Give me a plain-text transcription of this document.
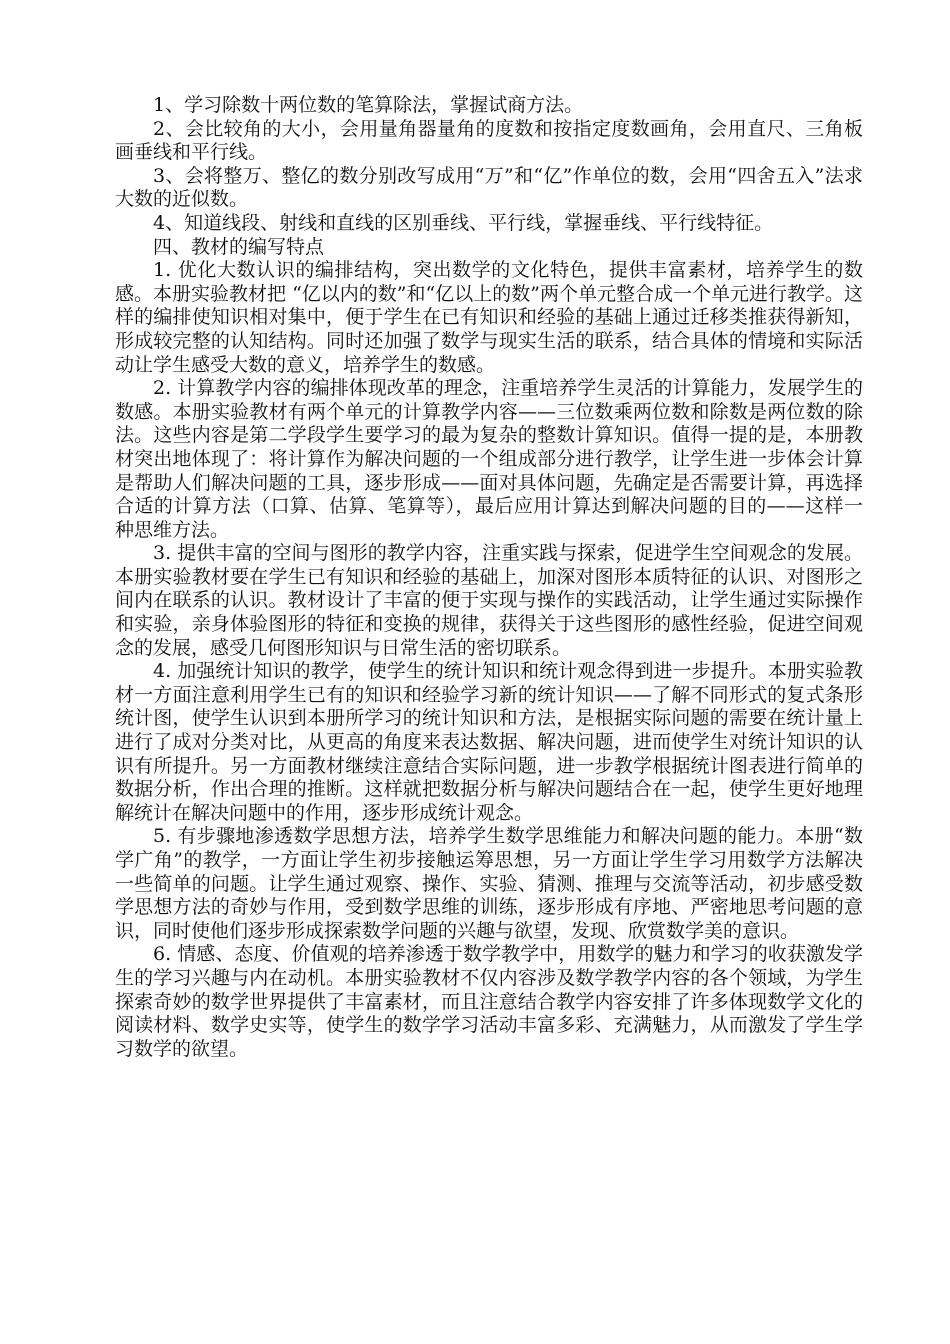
1、学习除数十两位数的笔算除法，掌握试商方法。

2、会比较角的大小，会用量角器量角的度数和按指定度数画角，会用直尺、三角板画垂线和平行线。

3、会将整万、整亿的数分别改写成用“万”和“亿”作单位的数，会用“四舍五入”法求大数的近似数。

4、知道线段、射线和直线的区别垂线、平行线，掌握垂线、平行线特征。

四、教材的编写特点

1. 优化大数认识的编排结构，突出数学的文化特色，提供丰富素材，培养学生的数感。本册实验教材把 “亿以内的数”和“亿以上的数”两个单元整合成一个单元进行教学。这样的编排使知识相对集中，便于学生在已有知识和经验的基础上通过迁移类推获得新知，形成较完整的认知结构。同时还加强了数学与现实生活的联系，结合具体的情境和实际活动让学生感受大数的意义，培养学生的数感。

2. 计算教学内容的编排体现改革的理念，注重培养学生灵活的计算能力，发展学生的数感。本册实验教材有两个单元的计算教学内容——三位数乘两位数和除数是两位数的除法。这些内容是第二学段学生要学习的最为复杂的整数计算知识。值得一提的是，本册教材突出地体现了：将计算作为解决问题的一个组成部分进行教学，让学生进一步体会计算是帮助人们解决问题的工具，逐步形成——面对具体问题，先确定是否需要计算，再选择合适的计算方法（口算、估算、笔算等），最后应用计算达到解决问题的目的——这样一种思维方法。

3. 提供丰富的空间与图形的教学内容，注重实践与探索，促进学生空间观念的发展。本册实验教材要在学生已有知识和经验的基础上，加深对图形本质特征的认识、对图形之间内在联系的认识。教材设计了丰富的便于实现与操作的实践活动，让学生通过实际操作和实验，亲身体验图形的特征和变换的规律，获得关于这些图形的感性经验，促进空间观念的发展，感受几何图形知识与日常生活的密切联系。

4. 加强统计知识的教学，使学生的统计知识和统计观念得到进一步提升。本册实验教材一方面注意利用学生已有的知识和经验学习新的统计知识——了解不同形式的复式条形统计图，使学生认识到本册所学习的统计知识和方法，是根据实际问题的需要在统计量上进行了成对分类对比，从更高的角度来表达数据、解决问题，进而使学生对统计知识的认识有所提升。另一方面教材继续注意结合实际问题，进一步教学根据统计图表进行简单的数据分析，作出合理的推断。这样就把数据分析与解决问题结合在一起，使学生更好地理解统计在解决问题中的作用，逐步形成统计观念。

5. 有步骤地渗透数学思想方法，培养学生数学思维能力和解决问题的能力。本册“数学广角”的教学，一方面让学生初步接触运筹思想，另一方面让学生学习用数学方法解决一些简单的问题。让学生通过观察、操作、实验、猜测、推理与交流等活动，初步感受数学思想方法的奇妙与作用，受到数学思维的训练，逐步形成有序地、严密地思考问题的意识，同时使他们逐步形成探索数学问题的兴趣与欲望，发现、欣赏数学美的意识。

6. 情感、态度、价值观的培养渗透于数学教学中，用数学的魅力和学习的收获激发学生的学习兴趣与内在动机。本册实验教材不仅内容涉及数学教学内容的各个领域，为学生探索奇妙的数学世界提供了丰富素材，而且注意结合教学内容安排了许多体现数学文化的阅读材料、数学史实等，使学生的数学学习活动丰富多彩、充满魅力，从而激发了学生学习数学的欲望。
